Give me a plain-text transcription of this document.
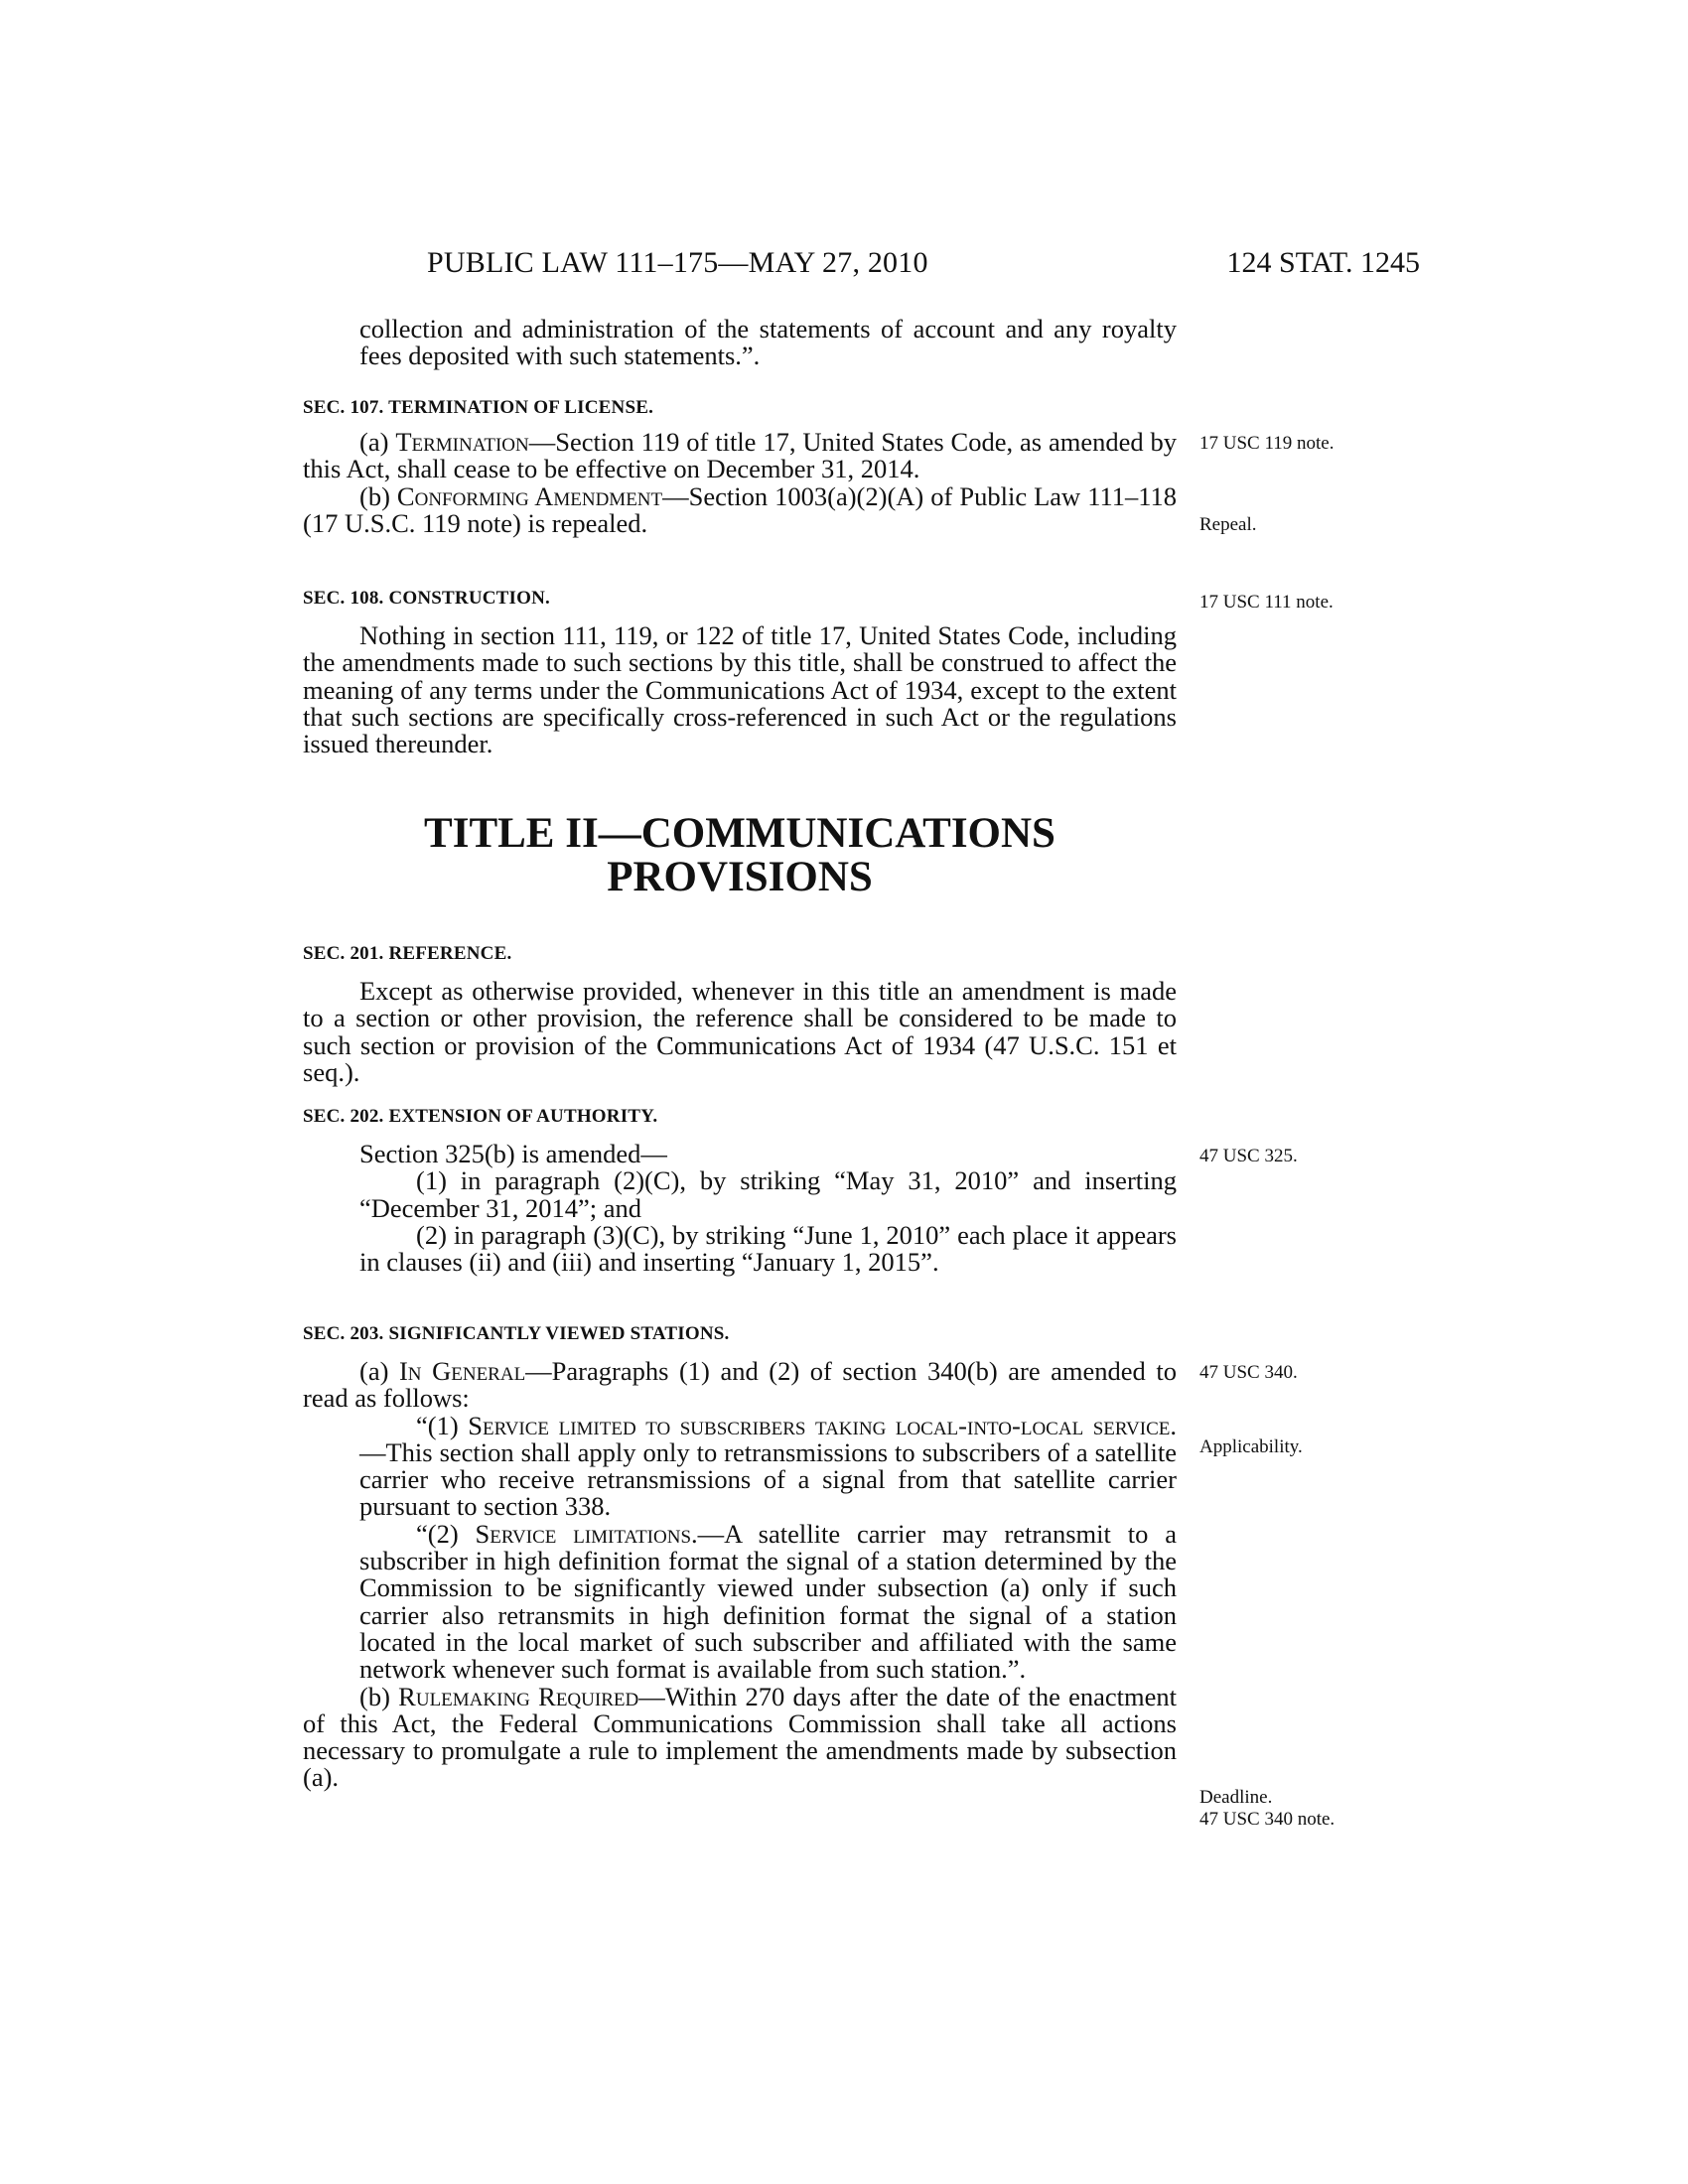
PUBLIC LAW 111–175—MAY 27, 2010	124 STAT. 1245

collection and administration of the statements of account and any royalty fees deposited with such statements.”.

SEC. 107. TERMINATION OF LICENSE.

(a) Termination—Section 119 of title 17, United States Code, as amended by this Act, shall cease to be effective on December 31, 2014.

(b) Conforming Amendment—Section 1003(a)(2)(A) of Public Law 111–118 (17 U.S.C. 119 note) is repealed.

SEC. 108. CONSTRUCTION.

Nothing in section 111, 119, or 122 of title 17, United States Code, including the amendments made to such sections by this title, shall be construed to affect the meaning of any terms under the Communications Act of 1934, except to the extent that such sections are specifically cross-referenced in such Act or the regulations issued thereunder.

TITLE II—COMMUNICATIONS
PROVISIONS

SEC. 201. REFERENCE.

Except as otherwise provided, whenever in this title an amendment is made to a section or other provision, the reference shall be considered to be made to such section or provision of the Communications Act of 1934 (47 U.S.C. 151 et seq.).

SEC. 202. EXTENSION OF AUTHORITY.

Section 325(b) is amended—

(1) in paragraph (2)(C), by striking “May 31, 2010” and inserting “December 31, 2014”; and

(2) in paragraph (3)(C), by striking “June 1, 2010” each place it appears in clauses (ii) and (iii) and inserting “January 1, 2015”.

SEC. 203. SIGNIFICANTLY VIEWED STATIONS.

(a) In General—Paragraphs (1) and (2) of section 340(b) are amended to read as follows:

“(1) Service limited to subscribers taking local-into-local service.—This section shall apply only to retransmissions to subscribers of a satellite carrier who receive retransmissions of a signal from that satellite carrier pursuant to section 338.

“(2) Service limitations.—A satellite carrier may retransmit to a subscriber in high definition format the signal of a station determined by the Commission to be significantly viewed under subsection (a) only if such carrier also retransmits in high definition format the signal of a station located in the local market of such subscriber and affiliated with the same network whenever such format is available from such station.”.

(b) Rulemaking Required—Within 270 days after the date of the enactment of this Act, the Federal Communications Commission shall take all actions necessary to promulgate a rule to implement the amendments made by subsection (a).

17 USC 119 note.
Repeal.
17 USC 111 note.
47 USC 325.
47 USC 340.
Applicability.
Deadline.
47 USC 340 note.
